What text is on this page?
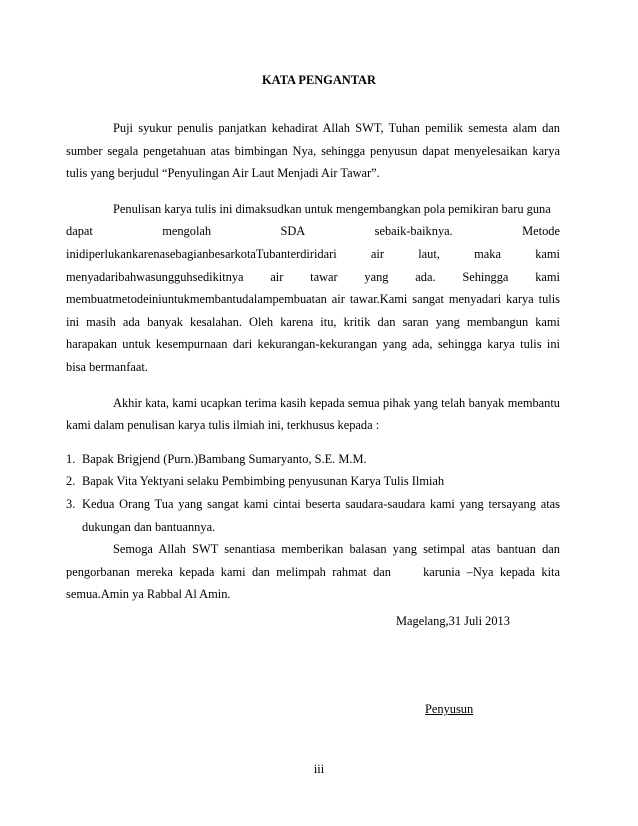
KATA PENGANTAR

Puji syukur penulis panjatkan kehadirat Allah SWT, Tuhan pemilik semesta alam dan sumber segala pengetahuan atas bimbingan Nya, sehingga penyusun dapat menyelesaikan karya tulis yang berjudul “Penyulingan Air Laut Menjadi Air Tawar”.

Penulisan karya tulis ini dimaksudkan untuk mengembangkan pola pemikiran baru guna
dapat	mengolah	SDA	sebaik-baiknya.	Metode
inidiperlukankarenasebagianbesarkotaTubanterdiridari	air	laut,	maka	kami
menyadaribahwasungguhsedikitnya air tawar yang ada. Sehingga kami

membuatmetodeiniuntukmembantudalampembuatan air tawar.Kami sangat menyadari karya tulis ini masih ada banyak kesalahan. Oleh karena itu, kritik dan saran yang membangun kami harapakan untuk kesempurnaan dari kekurangan-kekurangan yang ada, sehingga karya tulis ini bisa bermanfaat.

Akhir kata, kami ucapkan terima kasih kepada semua pihak yang telah banyak membantu kami dalam penulisan karya tulis ilmiah ini, terkhusus kepada :

1. Bapak Brigjend (Purn.)Bambang Sumaryanto, S.E. M.M.
2. Bapak Vita Yektyani selaku Pembimbing penyusunan Karya Tulis Ilmiah
3. Kedua Orang Tua yang sangat kami cintai beserta saudara-saudara kami yang tersayang atas dukungan dan bantuannya.

Semoga Allah SWT senantiasa memberikan balasan yang setimpal atas bantuan dan pengorbanan mereka kepada kami dan melimpah rahmat dan     karunia –Nya kepada kita semua.Amin ya Rabbal Al Amin.

Magelang,31 Juli 2013
Penyusun
iii
